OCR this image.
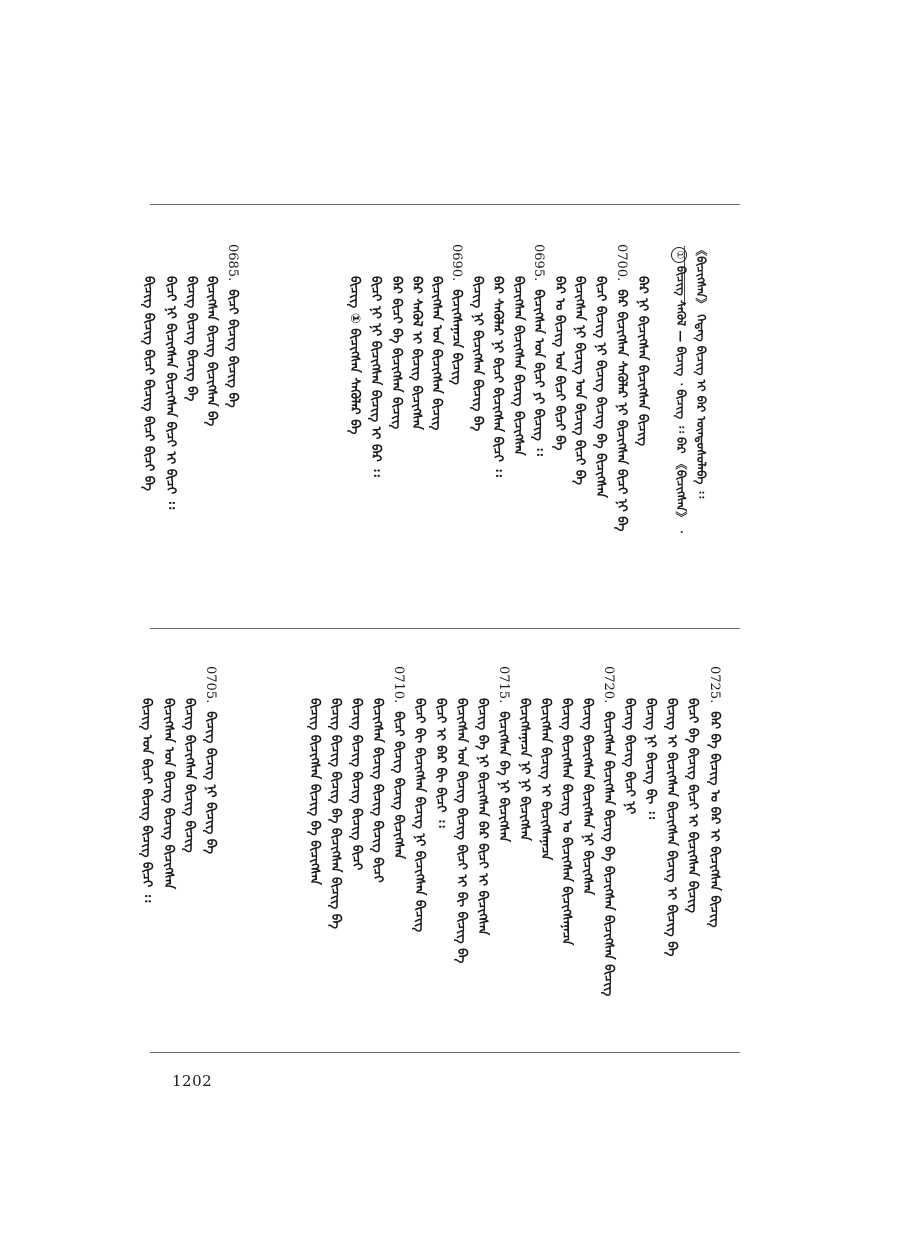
《ᠪᠢᠴᠢᠭᠰᠡᠨ》 ᠭᠡᠳᠡᠭ ᠪᠢᠴᠢᠭ᠌ ᠢ ᠪᠠᠷ ᠦᠨᠳᠦᠰᠦᠯᠡᠪᠡ ᠄᠄
①ᠪᠢᠴᠢᠭ ᠰᠡᠭᠦᠯ — ᠪᠢᠴᠢᠭ ᠂ ᠪᠢᠴᠢᠭ ᠄᠄ ᠪᠠᠷ 《ᠪᠢᠴᠢᠭᠰᠡᠨ》 ᠂
ᠪᠠᠷ ᠨᠢ ᠪᠢᠴᠢᠭᠰᠡᠨ ᠪᠢᠴᠢᠭᠰᠡᠨ ᠪᠢᠴᠢᠭ
0700.ᠪᠠᠷ ᠪᠢᠴᠢᠭᠰᠡᠨ ᠰᠡᠭᠦᠯᠡᠷ ᠨᠢ ᠪᠢᠴᠢᠭᠰᠡᠨ ᠪᠢᠴᠢ ᠨᠢ ᠪᠡ
ᠪᠢᠴᠢ ᠪᠢᠴᠢᠭ ᠨᠢ ᠪᠢᠴᠢᠭ ᠪᠢᠴᠢᠭ ᠪᠡ ᠪᠢᠴᠢᠭᠰᠡᠨ
ᠪᠢᠴᠢᠭᠰᠡᠨ ᠨᠢ ᠪᠢᠴᠢᠭ ᠤᠨ ᠪᠢᠴᠢᠭ ᠪᠢᠴᠢ ᠪᠡ
ᠪᠠᠷ ᠤ ᠪᠢᠴᠢᠭ ᠤᠨ ᠪᠢᠴᠢ ᠪᠢᠴᠢ ᠪᠡ
0695.ᠪᠢᠴᠢᠭᠰᠡᠨ ᠤᠨ ᠪᠢᠴᠢ ᠶᠢ ᠪᠢᠴᠢᠭ ᠄᠄
ᠪᠢᠴᠢᠭᠰᠡᠨ ᠪᠢᠴᠢᠭᠰᠡᠨ ᠪᠢᠴᠢᠭ ᠪᠢᠴᠢᠭᠰᠡᠨ
ᠪᠠᠷ ᠰᠡᠭᠦᠯᠡᠷ ᠨᠢ ᠪᠢᠴᠢ ᠪᠢᠴᠢᠭᠰᠡᠨ ᠪᠢᠴᠢ ᠄᠄
ᠪᠢᠴᠢᠭ ᠨᠢ ᠪᠢᠴᠢᠭᠰᠡᠨ ᠪᠢᠴᠢᠭ ᠪᠡ
0690.ᠪᠢᠴᠢᠭᠰᠡᠨᠡᠴᠡ ᠪᠢᠴᠢᠭ
ᠪᠢᠴᠢᠭᠰᠡᠨ ᠤᠨ ᠪᠢᠴᠢᠭᠰᠡᠨ ᠪᠢᠴᠢᠭ
ᠪᠠᠷ ᠰᠡᠭᠦᠯ ᠢ ᠪᠢᠴᠢᠭ ᠪᠢᠴᠢᠭᠰᠡᠨ
ᠪᠠᠷ ᠪᠢᠴᠢ ᠪᠡ ᠪᠢᠴᠢᠭᠰᠡᠨ ᠪᠢᠴᠢᠭ
ᠪᠢᠴᠢ ᠨᠢ ᠨᠢ ᠪᠢᠴᠢᠭᠰᠡᠨ ᠪᠢᠴᠢᠭ ᠢ ᠪᠠᠷ ᠄᠄
ᠪᠢᠴᠢᠭ ① ᠪᠢᠴᠢᠭᠰᠡᠨ ᠰᠡᠭᠦᠯᠡᠷ ᠪᠡ
0685.ᠪᠢᠴᠢ ᠪᠢᠴᠢᠭ ᠪᠢᠴᠢᠭ ᠪᠡ
ᠪᠢᠴᠢᠭᠰᠡᠨ ᠪᠢᠴᠢᠭ ᠪᠢᠴᠢᠭᠰᠡᠨ ᠪᠡ
ᠪᠢᠴᠢᠭ ᠪᠢᠴᠢᠭ ᠪᠢᠴᠢᠭ ᠪᠡ
ᠪᠢᠴᠢ ᠨᠢ ᠪᠢᠴᠢᠭᠰᠡᠨ ᠪᠢᠴᠢᠭᠰᠡᠨ ᠪᠢᠴᠢ ᠢ ᠪᠢᠴᠢ ᠄᠄
ᠪᠢᠴᠢᠭ ᠪᠢᠴᠢᠭ ᠪᠢᠴᠢ ᠪᠢᠴᠢᠭ ᠪᠢᠴᠢ ᠪᠢᠴᠢ ᠪᠡ
0725.ᠪᠠᠷ ᠪᠡ ᠪᠢᠴᠢᠭ ᠤ ᠪᠠᠷ ᠢ ᠪᠢᠴᠢᠭᠰᠡᠨ ᠪᠢᠴᠢᠭ
ᠪᠢᠴᠢ ᠪᠡ ᠪᠢᠴᠢᠭ ᠪᠢᠴᠢ ᠢ ᠪᠢᠴᠢᠭᠰᠡᠨ ᠪᠢᠴᠢᠭ
ᠪᠢᠴᠢᠭ ᠢ ᠪᠢᠴᠢᠭᠰᠡᠨ ᠪᠢᠴᠢᠭᠰᠡᠨ ᠪᠢᠴᠢᠭ ᠢ ᠪᠢᠴᠢᠭ ᠪᠡ
ᠪᠢᠴᠢᠭ ᠨᠢ ᠪᠢᠴᠢᠭ ᠪᠢ ᠄᠄
ᠪᠢᠴᠢᠭ ᠪᠢᠴᠢᠭ ᠪᠢᠴᠢ ᠨᠢ
0720.ᠪᠢᠴᠢᠭᠰᠡᠨ ᠪᠢᠴᠢᠭᠰᠡᠨ ᠪᠢᠴᠢᠭ ᠪᠡ ᠪᠢᠴᠢᠭᠰᠡᠨ ᠪᠢᠴᠢᠭᠰᠡᠨ ᠪᠢᠴᠢᠭ
ᠪᠢᠴᠢᠭ ᠪᠢᠴᠢᠭᠰᠡᠨ ᠪᠢᠴᠢᠭᠰᠡᠨ ᠨᠢ ᠪᠢᠴᠢᠭᠰᠡᠨ
ᠪᠢᠴᠢᠭ ᠪᠢᠴᠢᠭᠰᠡᠨ ᠪᠢᠴᠢᠭ ᠤ ᠪᠢᠴᠢᠭᠰᠡᠨ ᠪᠢᠴᠢᠭᠰᠡᠨᠡᠴᠡ
ᠪᠢᠴᠢᠭᠰᠡᠨ ᠪᠢᠴᠢᠭ ᠢ ᠪᠢᠴᠢᠭᠰᠡᠨᠡᠴᠡ
ᠪᠢᠴᠢᠭᠰᠡᠨᠡᠴᠡ ᠨᠢ ᠨᠢ ᠪᠢᠴᠢᠭᠰᠡᠨ
0715.ᠪᠢᠴᠢᠭᠰᠡᠨ ᠪᠡ ᠨᠢ ᠪᠢᠴᠢᠭᠰᠡᠨ
ᠪᠢᠴᠢᠭ ᠪᠡ ᠨᠢ ᠪᠢᠴᠢᠭᠰᠡᠨ ᠪᠠᠷ ᠪᠢᠴᠢ ᠢ ᠪᠢᠴᠢᠭᠰᠡᠨ
ᠪᠢᠴᠢᠭᠰᠡᠨ ᠤᠨ ᠪᠢᠴᠢᠭ ᠪᠢᠴᠢᠭ ᠪᠢᠴᠢ ᠢ ᠪᠢ ᠪᠢᠴᠢᠭ ᠪᠡ
ᠪᠢᠴᠢ ᠢ ᠪᠠᠷ ᠪᠢ ᠪᠢᠴᠢ ᠄᠄
ᠪᠢᠴᠢ ᠪᠢ ᠪᠢᠴᠢᠭᠰᠡᠨ ᠪᠢᠴᠢᠭ ᠨᠢ ᠪᠢᠴᠢᠭᠰᠡᠨ ᠪᠢᠴᠢᠭ
0710.ᠪᠢᠴᠢ ᠪᠢᠴᠢᠭ ᠪᠢᠴᠢᠭ ᠪᠢᠴᠢᠭᠰᠡᠨ
ᠪᠢᠴᠢᠭᠰᠡᠨ ᠪᠢᠴᠢᠭ ᠪᠢᠴᠢᠭ ᠪᠢᠴᠢᠭ ᠪᠢᠴᠢ
ᠪᠢᠴᠢᠭ ᠪᠢᠴᠢᠭ ᠪᠢᠴᠢᠭ ᠪᠢᠴᠢᠭ ᠪᠢᠴᠢ
ᠪᠢᠴᠢᠭ ᠪᠢᠴᠢᠭ ᠪᠢᠴᠢᠭ ᠪᠡ ᠪᠢᠴᠢᠭᠰᠡᠨ ᠪᠢᠴᠢᠭ ᠪᠡ
ᠪᠢᠴᠢᠭ ᠪᠢᠴᠢᠭᠰᠡᠨ ᠪᠢᠴᠢᠭ ᠪᠡ ᠪᠢᠴᠢᠭᠰᠡᠨ
0705.ᠪᠢᠴᠢᠭ ᠪᠢᠴᠢᠭ ᠨᠢ ᠪᠢᠴᠢᠭ ᠪᠡ
ᠪᠢᠴᠢᠭ ᠪᠢᠴᠢᠭᠰᠡᠨ ᠪᠢᠴᠢᠭ ᠪᠢᠴᠢᠭ
ᠪᠢᠴᠢᠭᠰᠡᠨ ᠤᠨ ᠪᠢᠴᠢᠭ ᠪᠢᠴᠢᠭ ᠪᠢᠴᠢᠭᠰᠡᠨ
ᠪᠢᠴᠢᠭ ᠤᠨ ᠪᠢᠴᠢ ᠪᠢᠴᠢᠭ ᠪᠢᠴᠢᠭ ᠪᠢᠴᠢ ᠄᠄
1202
